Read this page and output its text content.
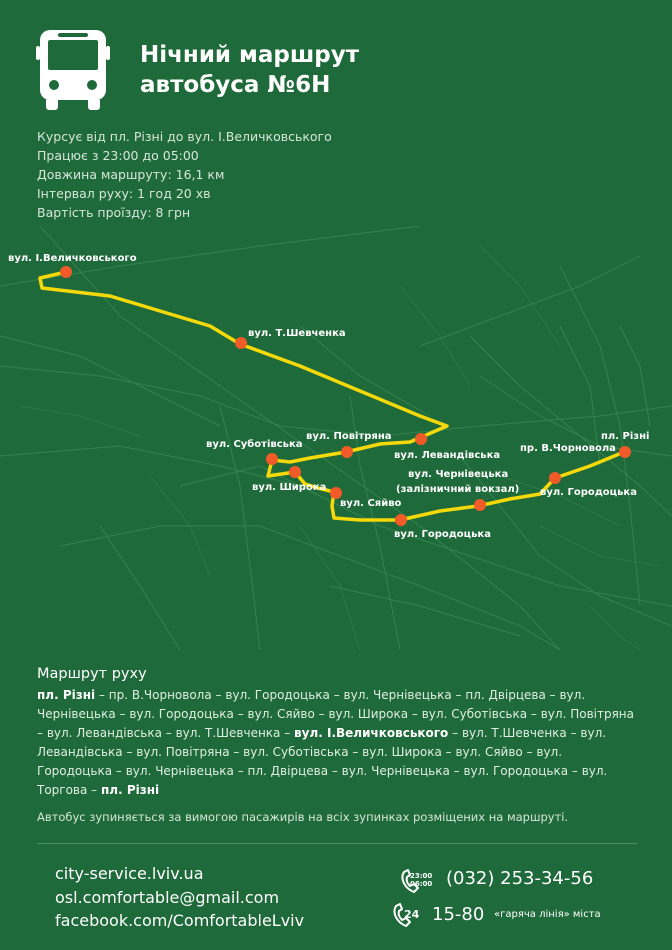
Нічний маршрут
автобуса №6Н
Курсує від пл. Різні до вул. І.Величковського
Працює з 23:00 до 05:00
Довжина маршруту: 16,1 км
Інтервал руху: 1 год 20 хв
Вартість проїзду: 8 грн
вул. І.Величковського
вул. Т.Шевченка
вул. Повітряна
вул. Суботівська
вул. Левандівська
вул. Широка
вул. Сяйво
вул. Чернівецька
(залізничний вокзал)
вул. Городоцька
пр. В.Чорновола
пл. Різні
вул. Городоцька
Маршрут руху
пл. Різні – пр. В.Чорновола – вул. Городоцька – вул. Чернівецька – пл. Двірцева – вул. Чернівецька – вул. Городоцька – вул. Сяйво – вул. Широка – вул. Суботівська – вул. Повітряна – вул. Левандівська – вул. Т.Шевченка – вул. І.Величковського – вул. Т.Шевченка – вул. Левандівська – вул. Повітряна – вул. Суботівська – вул. Широка – вул. Сяйво – вул. Городоцька – вул. Чернівецька – пл. Двірцева – вул. Чернівецька – вул. Городоцька – вул. Торгова – пл. Різні
Автобус зупиняється за вимогою пасажирів на всіх зупинках розміщених на маршруті.
city-service.lviv.ua
osl.comfortable@gmail.com
facebook.com/ComfortableLviv
23:00
06:00 (032) 253-34-56
24 15-80 «гаряча лінія» міста
